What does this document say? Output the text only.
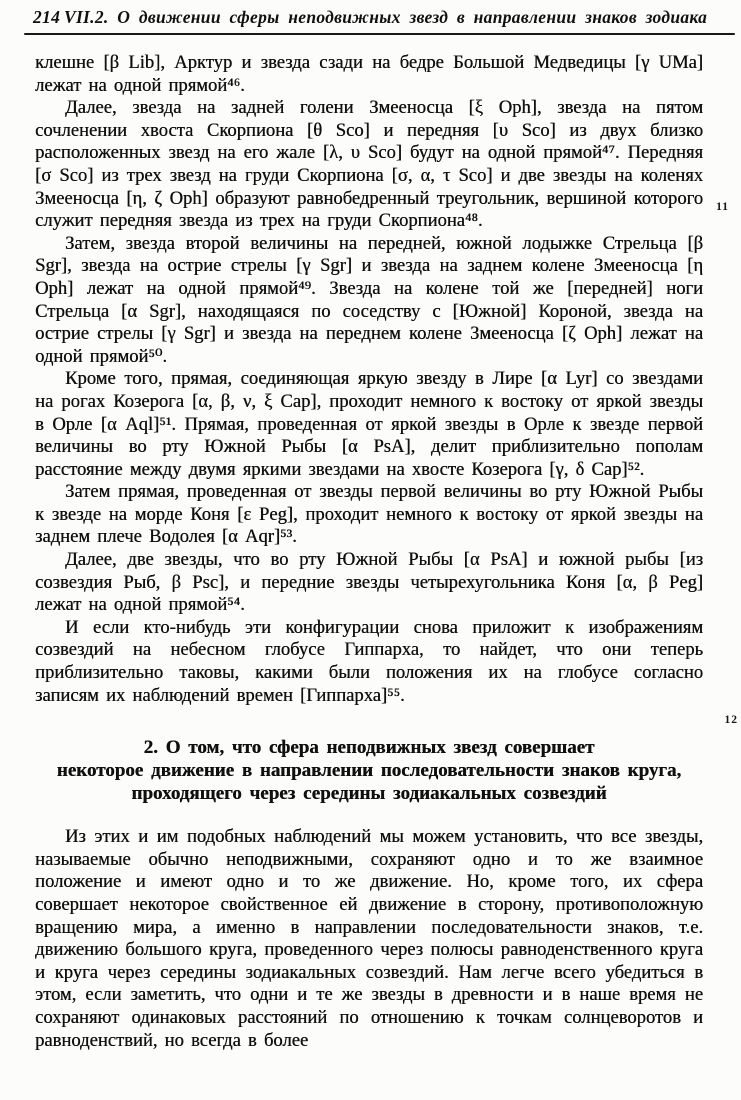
214 VII.2. О движении сферы неподвижных звезд в направлении знаков зодиака

клешне [β Lib], Арктур и звезда сзади на бедре Большой Медведицы [γ UMa] лежат на одной прямой⁴⁶.

Далее, звезда на задней голени Змееносца [ξ Oph], звезда на пятом сочленении хвоста Скорпиона [θ Sco] и передняя [υ Sco] из двух близко расположенных звезд на его жале [λ, υ Sco] будут на одной прямой⁴⁷. Передняя [σ Sco] из трех звезд на груди Скорпиона [σ, α, τ Sco] и две звезды на коленях Змееносца [η, ζ Oph] образуют равнобедренный треугольник, вершиной которого служит передняя звезда из трех на груди Скорпиона⁴⁸.

Затем, звезда второй величины на передней, южной лодыжке Стрельца [β Sgr], звезда на острие стрелы [γ Sgr] и звезда на заднем колене Змееносца [η Oph] лежат на одной прямой⁴⁹. Звезда на колене той же [передней] ноги Стрельца [α Sgr], находящаяся по соседству с [Южной] Короной, звезда на острие стрелы [γ Sgr] и звезда на переднем колене Змееносца [ζ Oph] лежат на одной прямой⁵⁰.

Кроме того, прямая, соединяющая яркую звезду в Лире [α Lyr] со звездами на рогах Козерога [α, β, ν, ξ Cap], проходит немного к востоку от яркой звезды в Орле [α Aql]⁵¹. Прямая, проведенная от яркой звезды в Орле к звезде первой величины во рту Южной Рыбы [α PsA], делит приблизительно пополам расстояние между двумя яркими звездами на хвосте Козерога [γ, δ Cap]⁵².

Затем прямая, проведенная от звезды первой величины во рту Южной Рыбы к звезде на морде Коня [ε Peg], проходит немного к востоку от яркой звезды на заднем плече Водолея [α Aqr]⁵³.

Далее, две звезды, что во рту Южной Рыбы [α PsA] и южной рыбы [из созвездия Рыб, β Psc], и передние звезды четырехугольника Коня [α, β Peg] лежат на одной прямой⁵⁴.

И если кто-нибудь эти конфигурации снова приложит к изображениям созвездий на небесном глобусе Гиппарха, то найдет, что они теперь приблизительно таковы, какими были положения их на глобусе согласно записям их наблюдений времен [Гиппарха]⁵⁵.

2. О том, что сфера неподвижных звезд совершает
некоторое движение в направлении последовательности знаков круга,
проходящего через середины зодиакальных созвездий

Из этих и им подобных наблюдений мы можем установить, что все звезды, называемые обычно неподвижными, сохраняют одно и то же взаимное положение и имеют одно и то же движение. Но, кроме того, их сфера совершает некоторое свойственное ей движение в сторону, противоположную вращению мира, а именно в направлении последовательности знаков, т.е. движению большого круга, проведенного через полюсы равноденственного круга и круга через середины зодиакальных созвездий. Нам легче всего убедиться в этом, если заметить, что одни и те же звезды в древности и в наше время не сохраняют одинаковых расстояний по отношению к точкам солнцеворотов и равноденствий, но всегда в более

11
12
